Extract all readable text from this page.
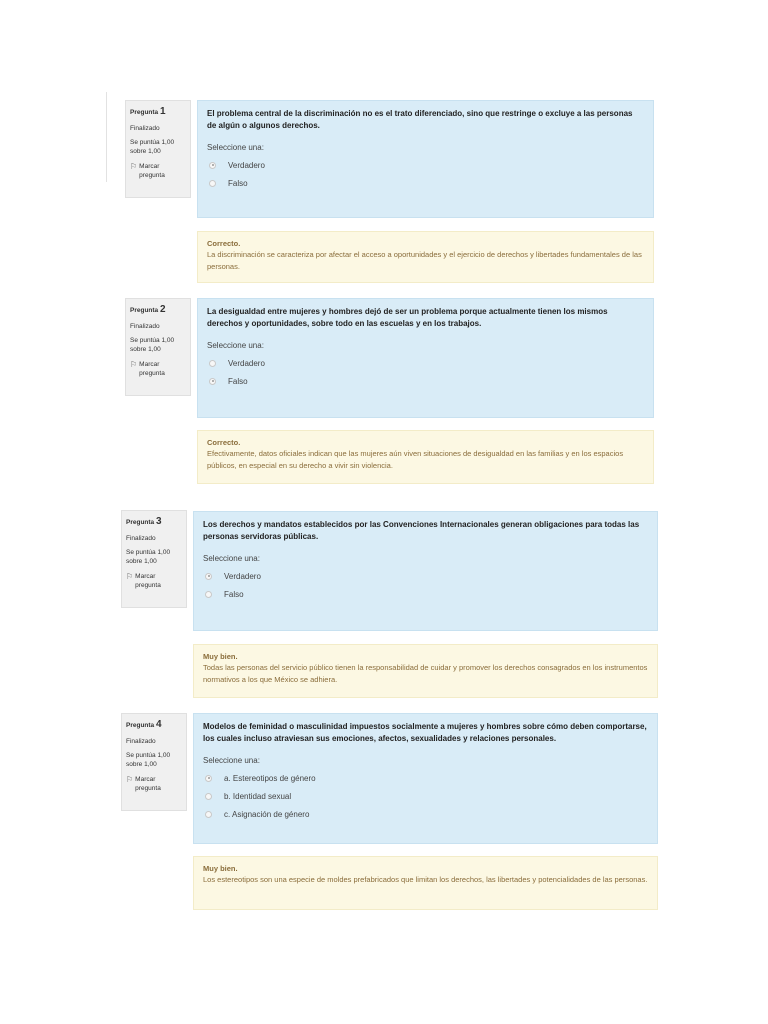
Pregunta 1
Finalizado
Se puntúa 1,00
sobre 1,00
⚐ Marcar
pregunta
El problema central de la discriminación no es el trato diferenciado, sino que restringe o excluye a las personas de algún o algunos derechos.
Seleccione una:
Verdadero
Falso
Correcto.
La discriminación se caracteriza por afectar el acceso a oportunidades y el ejercicio de derechos y libertades fundamentales de las personas.
Pregunta 2
Finalizado
Se puntúa 1,00
sobre 1,00
⚐ Marcar
pregunta
La desigualdad entre mujeres y hombres dejó de ser un problema porque actualmente tienen los mismos derechos y oportunidades, sobre todo en las escuelas y en los trabajos.
Seleccione una:
Verdadero
Falso
Correcto.
Efectivamente, datos oficiales indican que las mujeres aún viven situaciones de desigualdad en las familias y en los espacios públicos, en especial en su derecho a vivir sin violencia.
Pregunta 3
Finalizado
Se puntúa 1,00
sobre 1,00
⚐ Marcar
pregunta
Los derechos y mandatos establecidos por las Convenciones Internacionales generan obligaciones para todas las personas servidoras públicas.
Seleccione una:
Verdadero
Falso
Muy bien.
Todas las personas del servicio público tienen la responsabilidad de cuidar y promover los derechos consagrados en los instrumentos normativos a los que México se adhiera.
Pregunta 4
Finalizado
Se puntúa 1,00
sobre 1,00
⚐ Marcar
pregunta
Modelos de feminidad o masculinidad impuestos socialmente a mujeres y hombres sobre cómo deben comportarse, los cuales incluso atraviesan sus emociones, afectos, sexualidades y relaciones personales.
Seleccione una:
a. Estereotipos de género
b. Identidad sexual
c. Asignación de género
Muy bien.
Los estereotipos son una especie de moldes prefabricados que limitan los derechos, las libertades y potencialidades de las personas.
